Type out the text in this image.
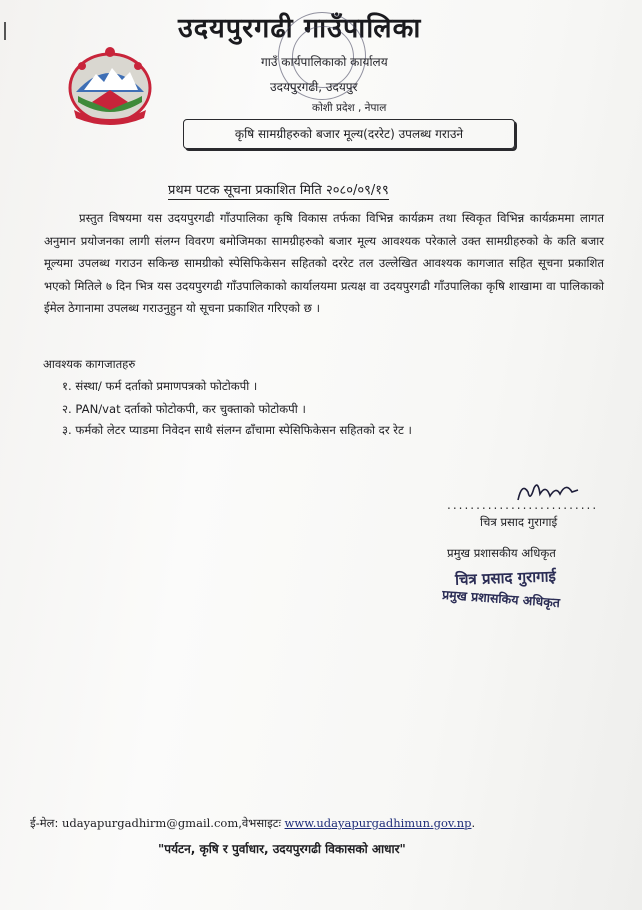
उदयपुरगढी गाउँपालिका
गाउँ कार्यपालिकाको कार्यालय
उदयपुरगढी, उदयपुर
कोशी प्रदेश , नेपाल
कृषि सामग्रीहरुको बजार मूल्य(दररेट) उपलब्ध गराउने
प्रथम पटक सूचना प्रकाशित मिति २०८०/०९/१९
प्रस्तुत विषयमा यस उदयपुरगढी गाँउपालिका कृषि विकास तर्फका विभिन्न कार्यक्रम तथा स्विकृत विभिन्न कार्यक्रममा लागत अनुमान प्रयोजनका लागी संलग्न विवरण बमोजिमका सामग्रीहरुको बजार मूल्य आवश्यक परेकाले उक्त सामग्रीहरुको के कति बजार मूल्यमा उपलब्ध गराउन सकिन्छ सामग्रीको स्पेसिफिकेसन सहितको दररेट तल उल्लेखित आवश्यक कागजात सहित सूचना प्रकाशित भएको मितिले ७ दिन भित्र यस उदयपुरगढी गाँउपालिकाको कार्यालयमा प्रत्यक्ष वा उदयपुरगढी गाँउपालिका कृषि शाखामा वा पालिकाको ईमेल ठेगानामा उपलब्ध गराउनुहुन यो सूचना प्रकाशित गरिएको छ ।
आवश्यक कागजातहरु
१. संस्था/ फर्म दर्ताको प्रमाणपत्रको फोटोकपी ।
२. PAN/vat दर्ताको फोटोकपी, कर चुक्ताको फोटोकपी ।
३. फर्मको लेटर प्याडमा निवेदन साथै संलग्न ढाँचामा स्पेसिफिकेसन सहितको दर रेट ।
..........................
चित्र प्रसाद गुरागाई
प्रमुख प्रशासकीय अधिकृत
चित्र प्रसाद गुरागाई
प्रमुख प्रशासकिय अधिकृत
ई-मेल: udayapurgadhirm@gmail.com,वेभसाइटः www.udayapurgadhimun.gov.np.
"पर्यटन, कृषि र पुर्वाधार, उदयपुरगढी विकासको आधार"
